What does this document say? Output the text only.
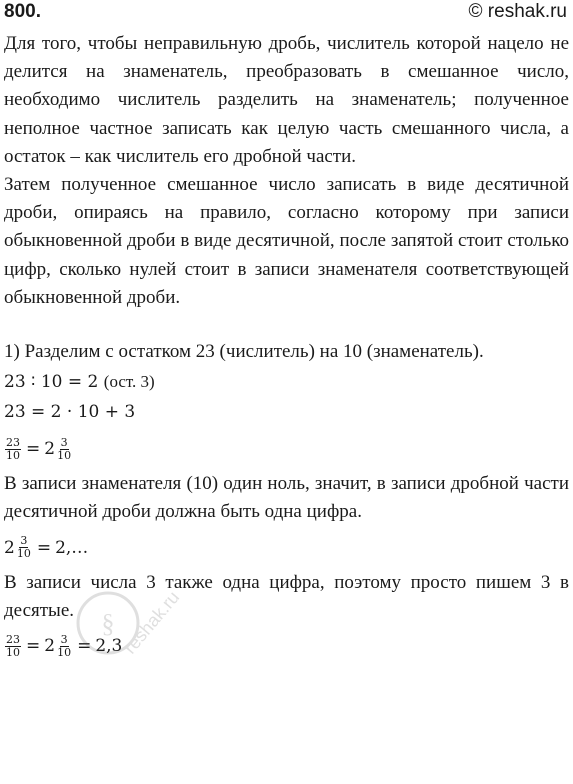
800.	© reshak.ru

Для того, чтобы неправильную дробь, числитель которой нацело не делится на знаменатель, преобразовать в смешанное число, необходимо числитель разделить на знаменатель; полученное неполное частное записать как целую часть смешанного числа, а остаток – как числитель его дробной части.

Затем полученное смешанное число записать в виде десятичной дроби, опираясь на правило, согласно которому при записи обыкновенной дроби в виде десятичной, после запятой стоит столько цифр, сколько нулей стоит в записи знаменателя соответствующей обыкновенной дроби.

1) Разделим с остатком 23 (числитель) на 10 (знаменатель).

23 ∶ 10 = 2 (ост. 3)
23 = 2 · 10 + 3
$\frac{23}{10} = 2 \frac{3}{10}$

В записи знаменателя (10) один ноль, значит, в записи дробной части десятичной дроби должна быть одна цифра.

$2 \frac{3}{10}$ = 2,…

В записи числа 3 также одна цифра, поэтому просто пишем 3 в десятые.

$\frac{23}{10} = 2 \frac{3}{10} = 2,3$
§ reshak.ru
